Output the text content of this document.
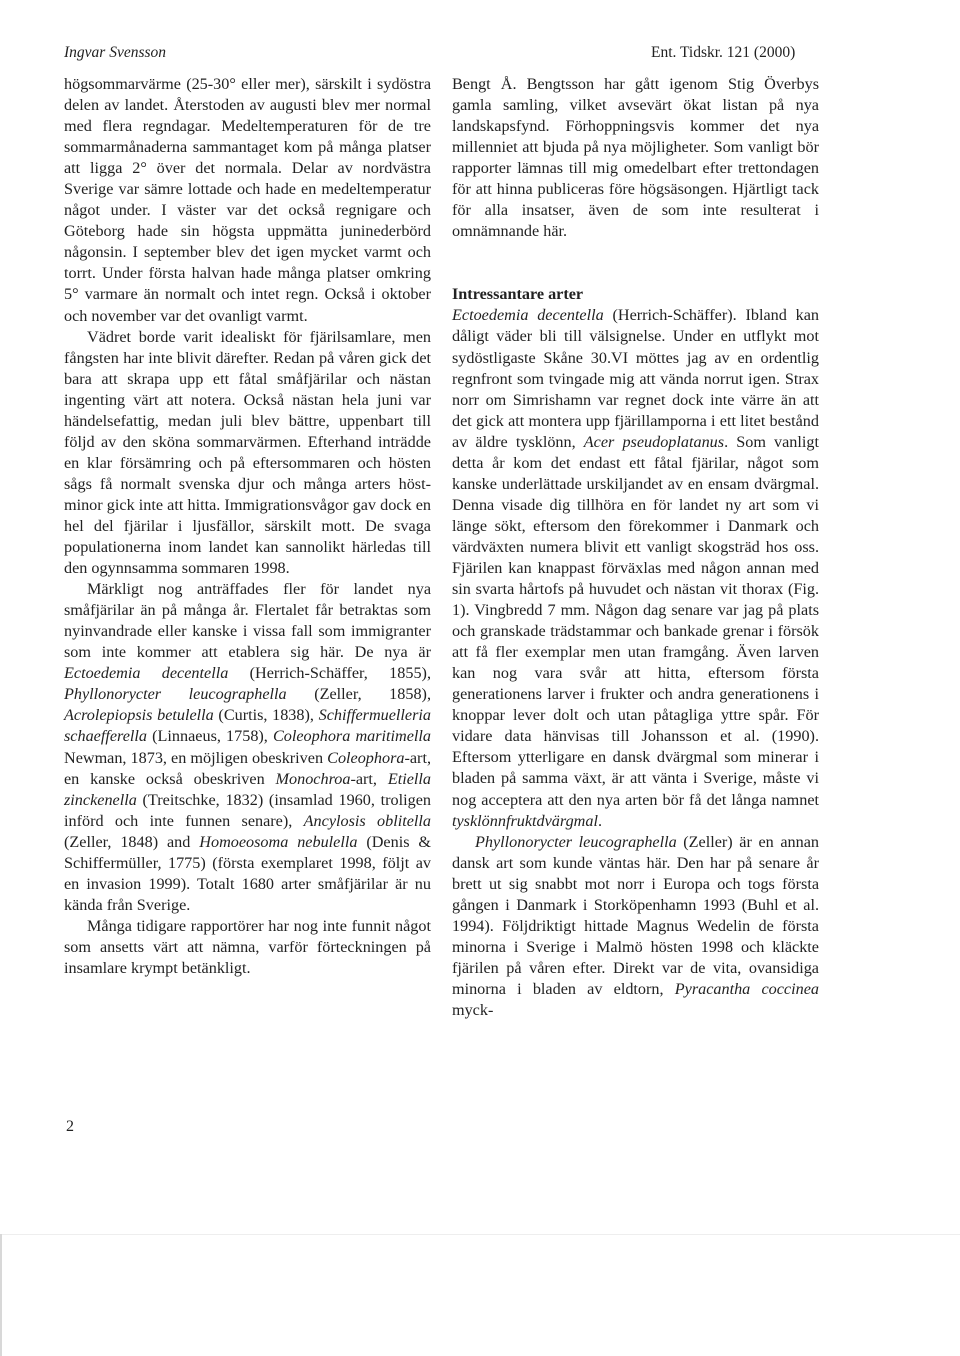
Ingvar Svensson	Ent. Tidskr. 121 (2000)

högsommarvärme (25-30° eller mer), särskilt i sydöstra delen av landet. Återstoden av augusti blev mer normal med flera regndagar. Medeltemperaturen för de tre sommarmånaderna sammantaget kom på många platser att ligga 2° över det normala. Delar av nordvästra Sverige var sämre lottade och hade en medeltemperatur något under. I väster var det också regnigare och Göteborg hade sin högsta uppmätta juninederbörd någonsin. I september blev det igen mycket varmt och torrt. Under första halvan hade många platser omkring 5° varmare än normalt och intet regn. Också i oktober och november var det ovanligt varmt.

Vädret borde varit idealiskt för fjärilsamlare, men fångsten har inte blivit därefter. Redan på våren gick det bara att skrapa upp ett fåtal småfjärilar och nästan ingenting värt att notera. Också nästan hela juni var händelsefattig, medan juli blev bättre, uppenbart till följd av den sköna sommarvärmen. Efterhand inträdde en klar försämring och på eftersommaren och hösten sågs få normalt svenska djur och många arters höstminor gick inte att hitta. Immigrationsvågor gav dock en hel del fjärilar i ljusfällor, särskilt mott. De svaga populationerna inom landet kan sannolikt härledas till den ogynnsamma sommaren 1998.

Märkligt nog anträffades fler för landet nya småfjärilar än på många år. Flertalet får betraktas som nyinvandrade eller kanske i vissa fall som immigranter som inte kommer att etablera sig här. De nya är Ectoedemia decentella (Herrich-Schäffer, 1855), Phyllonorycter leucographella (Zeller, 1858), Acrolepiopsis betulella (Curtis, 1838), Schiffermuelleria schaefferella (Linnaeus, 1758), Coleophora maritimella Newman, 1873, en möjligen obeskriven Coleophora-art, en kanske också obeskriven Monochroa-art, Etiella zinckenella (Treitschke, 1832) (insamlad 1960, troligen införd och inte funnen senare), Ancylosis oblitella (Zeller, 1848) and Homoeosoma nebulella (Denis & Schiffermüller, 1775) (första exemplaret 1998, följt av en invasion 1999). Totalt 1680 arter småfjärilar är nu kända från Sverige.

Många tidigare rapportörer har nog inte funnit något som ansetts värt att nämna, varför förteckningen på insamlare krympt betänkligt.

Bengt Å. Bengtsson har gått igenom Stig Överbys gamla samling, vilket avsevärt ökat listan på nya landskapsfynd. Förhoppningsvis kommer det nya millenniet att bjuda på nya möjligheter. Som vanligt bör rapporter lämnas till mig omedelbart efter trettondagen för att hinna publiceras före högsäsongen. Hjärtligt tack för alla insatser, även de som inte resulterat i omnämnande här.

Intressantare arter

Ectoedemia decentella (Herrich-Schäffer). Ibland kan dåligt väder bli till välsignelse. Under en utflykt mot sydöstligaste Skåne 30.VI möttes jag av en ordentlig regnfront som tvingade mig att vända norrut igen. Strax norr om Simrishamn var regnet dock inte värre än att det gick att montera upp fjärillamporna i ett litet bestånd av äldre tysklönn, Acer pseudoplatanus. Som vanligt detta år kom det endast ett fåtal fjärilar, något som kanske underlättade urskiljandet av en ensam dvärgmal. Denna visade dig tillhöra en för landet ny art som vi länge sökt, eftersom den förekommer i Danmark och värdväxten numera blivit ett vanligt skogsträd hos oss. Fjärilen kan knappast förväxlas med någon annan med sin svarta hårtofs på huvudet och nästan vit thorax (Fig. 1). Vingbredd 7 mm. Någon dag senare var jag på plats och granskade trädstammar och bankade grenar i försök att få fler exemplar men utan framgång. Även larven kan nog vara svår att hitta, eftersom första generationens larver i frukter och andra generationens i knoppar lever dolt och utan påtagliga yttre spår. För vidare data hänvisas till Johansson et al. (1990). Eftersom ytterligare en dansk dvärgmal som minerar i bladen på samma växt, är att vänta i Sverige, måste vi nog acceptera att den nya arten bör få det långa namnet tysklönnfruktdvärgmal.

Phyllonorycter leucographella (Zeller) är en annan dansk art som kunde väntas här. Den har på senare år brett ut sig snabbt mot norr i Europa och togs första gången i Danmark i Storköpenhamn 1993 (Buhl et al. 1994). Följdriktigt hittade Magnus Wedelin de första minorna i Sverige i Malmö hösten 1998 och kläckte fjärilen på våren efter. Direkt var de vita, ovansidiga minorna i bladen av eldtorn, Pyracantha coccinea myck-

2
